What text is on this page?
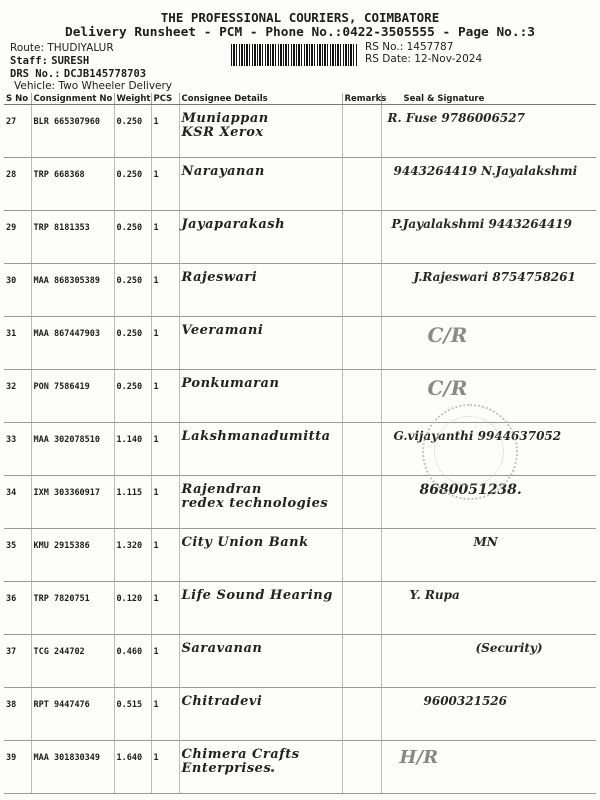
THE PROFESSIONAL COURIERS, COIMBATORE
Delivery Runsheet - PCM - Phone No.:0422-3505555 - Page No.:3
Route: THUDIYALUR
Staff: SURESH
DRS No.: DCJB145778703
Vehicle: Two Wheeler Delivery
RS No.: 1457787
RS Date: 12-Nov-2024
S No	Consignment No	Weight	PCS	Consignee Details	Remarks	Seal & Signature
27	BLR 665307960	0.250	1	Muniappan
KSR Xerox		R. Fuse 9786006527

28	TRP 668368	0.250	1	Narayanan		9443264419 N.Jayalakshmi

29	TRP 8181353	0.250	1	Jayaparakash		P.Jayalakshmi 9443264419

30	MAA 868305389	0.250	1	Rajeswari		J.Rajeswari 8754758261

31	MAA 867447903	0.250	1	Veeramani		C/R

32	PON 7586419	0.250	1	Ponkumaran		C/R

33	MAA 302078510	1.140	1	Lakshmanadumitta		G.vijayanthi 9944637052

34	IXM 303360917	1.115	1	Rajendran
redex technologies		8680051238.

35	KMU 2915386	1.320	1	City Union Bank		MN

36	TRP 7820751	0.120	1	Life Sound Hearing		Y. Rupa

37	TCG 244702	0.460	1	Saravanan		(Security)

38	RPT 9447476	0.515	1	Chitradevi		9600321526

39	MAA 301830349	1.640	1	Chimera Crafts
Enterprises		H/R
